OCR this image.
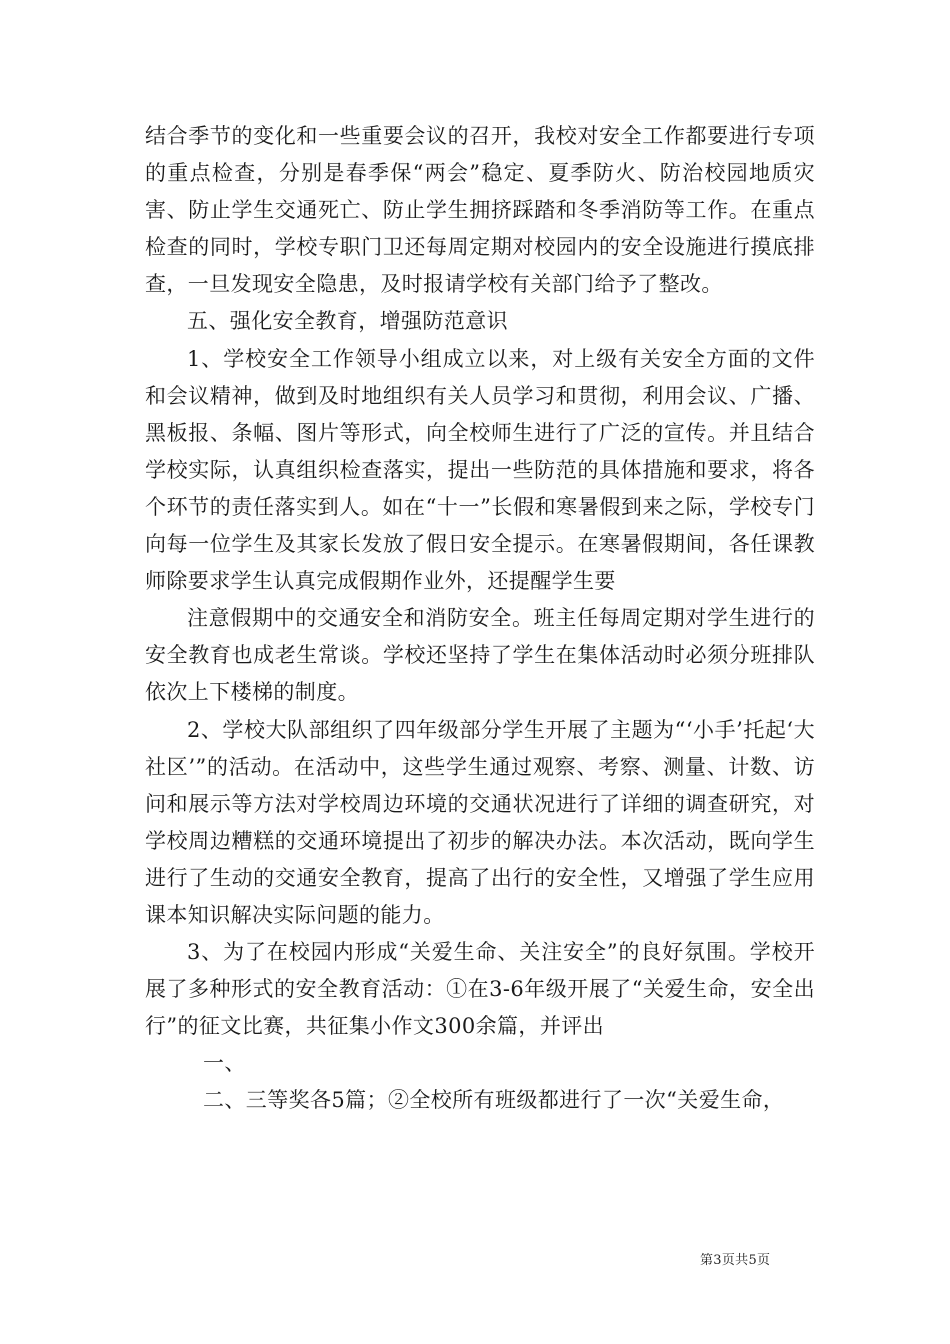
结合季节的变化和一些重要会议的召开，我校对安全工作都要进行专项的重点检查，分别是春季保“两会”稳定、夏季防火、防治校园地质灾害、防止学生交通死亡、防止学生拥挤踩踏和冬季消防等工作。在重点检查的同时，学校专职门卫还每周定期对校园内的安全设施进行摸底排查，一旦发现安全隐患，及时报请学校有关部门给予了整改。

五、强化安全教育，增强防范意识

1、学校安全工作领导小组成立以来，对上级有关安全方面的文件和会议精神，做到及时地组织有关人员学习和贯彻，利用会议、广播、黑板报、条幅、图片等形式，向全校师生进行了广泛的宣传。并且结合学校实际，认真组织检查落实，提出一些防范的具体措施和要求，将各个环节的责任落实到人。如在“十一”长假和寒暑假到来之际，学校专门向每一位学生及其家长发放了假日安全提示。在寒暑假期间，各任课教师除要求学生认真完成假期作业外，还提醒学生要

注意假期中的交通安全和消防安全。班主任每周定期对学生进行的安全教育也成老生常谈。学校还坚持了学生在集体活动时必须分班排队依次上下楼梯的制度。

2、学校大队部组织了四年级部分学生开展了主题为“‘小手’托起‘大社区’”的活动。在活动中，这些学生通过观察、考察、测量、计数、访问和展示等方法对学校周边环境的交通状况进行了详细的调查研究，对学校周边糟糕的交通环境提出了初步的解决办法。本次活动，既向学生进行了生动的交通安全教育，提高了出行的安全性，又增强了学生应用课本知识解决实际问题的能力。

3、为了在校园内形成“关爱生命、关注安全”的良好氛围。学校开展了多种形式的安全教育活动：①在3-6年级开展了“关爱生命，安全出行”的征文比赛，共征集小作文300余篇，并评出

一、

二、三等奖各5篇；②全校所有班级都进行了一次“关爱生命，

第3页共5页
